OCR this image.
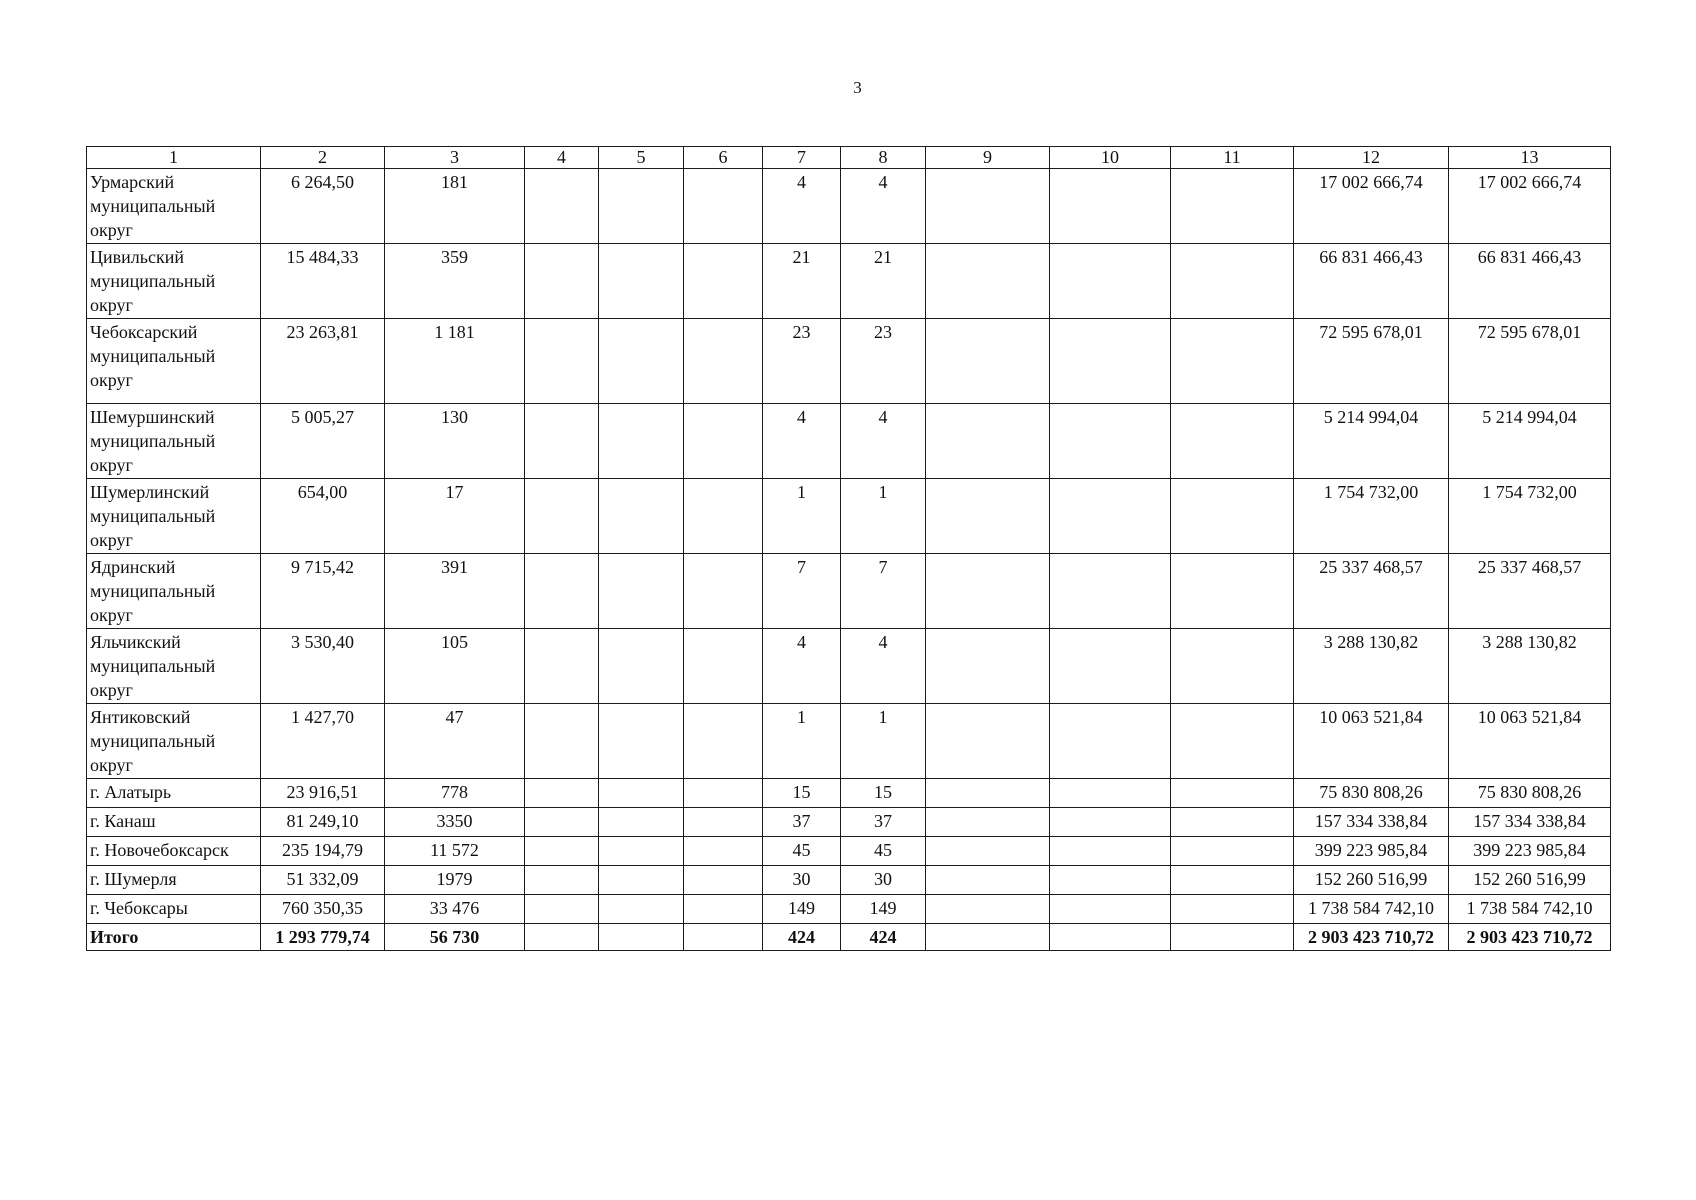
3
1	2	3	4	5	6	7	8	9	10	11	12	13
Урмарский муниципальный округ	6 264,50	181				4	4				17 002 666,74	17 002 666,74
Цивильский муниципальный округ	15 484,33	359				21	21				66 831 466,43	66 831 466,43
Чебоксарский муниципальный округ	23 263,81	1 181				23	23				72 595 678,01	72 595 678,01
Шемуршинский муниципальный округ	5 005,27	130				4	4				5 214 994,04	5 214 994,04
Шумерлинский муниципальный округ	654,00	17				1	1				1 754 732,00	1 754 732,00
Ядринский муниципальный округ	9 715,42	391				7	7				25 337 468,57	25 337 468,57
Яльчикский муниципальный округ	3 530,40	105				4	4				3 288 130,82	3 288 130,82
Янтиковский муниципальный округ	1 427,70	47				1	1				10 063 521,84	10 063 521,84
г. Алатырь	23 916,51	778				15	15				75 830 808,26	75 830 808,26
г. Канаш	81 249,10	3350				37	37				157 334 338,84	157 334 338,84
г. Новочебоксарск	235 194,79	11 572				45	45				399 223 985,84	399 223 985,84
г. Шумерля	51 332,09	1979				30	30				152 260 516,99	152 260 516,99
г. Чебоксары	760 350,35	33 476				149	149				1 738 584 742,10	1 738 584 742,10
Итого	1 293 779,74	56 730				424	424				2 903 423 710,72	2 903 423 710,72
